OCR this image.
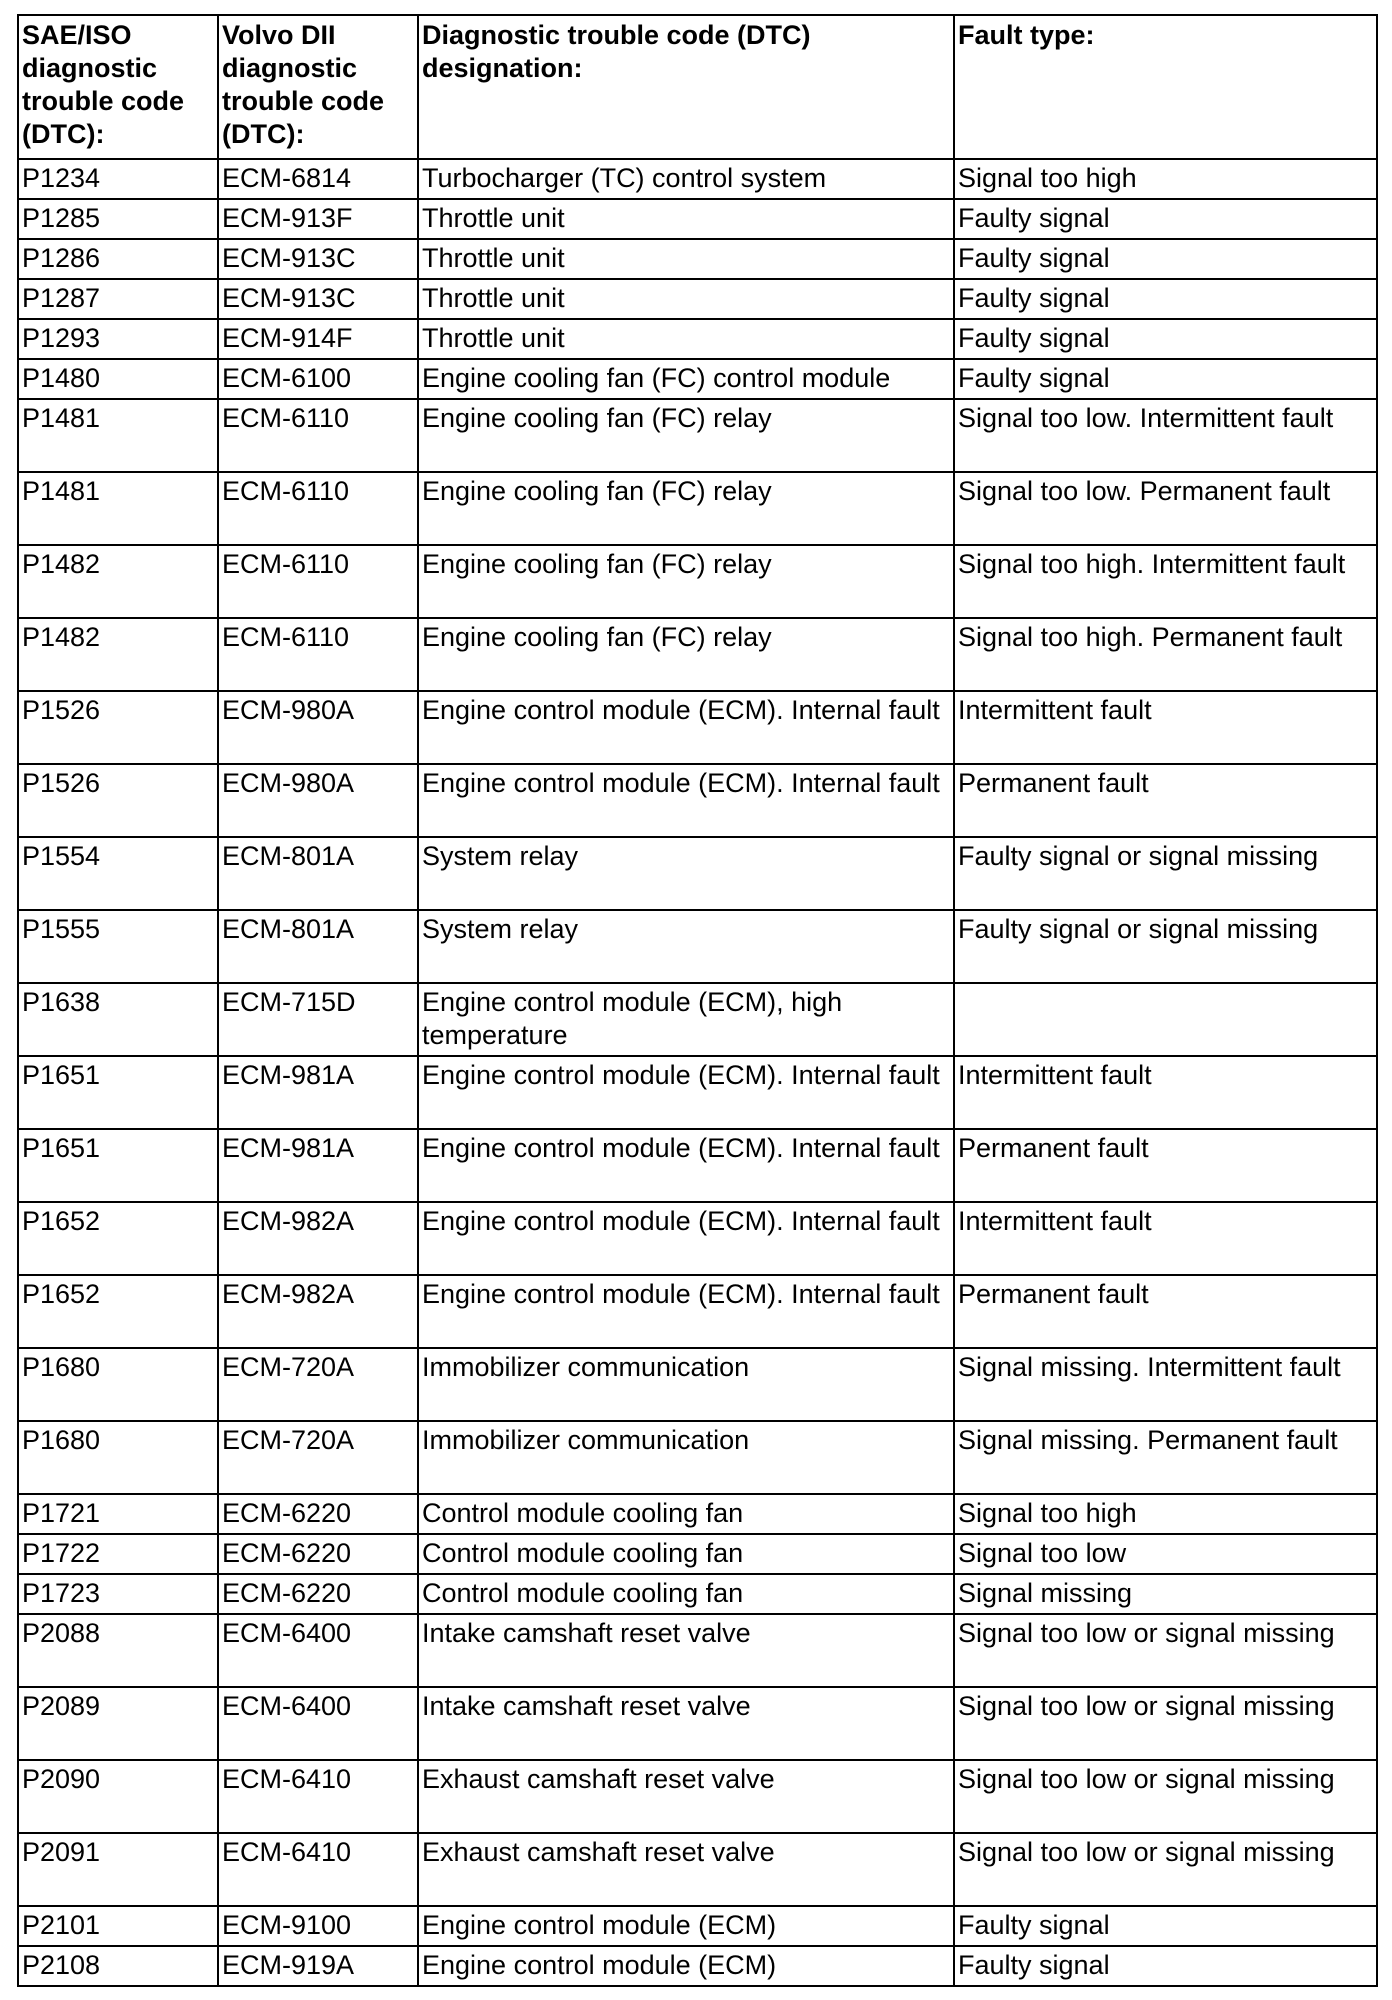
SAE/ISO diagnostic trouble code (DTC):	Volvo DII diagnostic trouble code (DTC):	Diagnostic trouble code (DTC) designation:	Fault type:
P1234	ECM-6814	Turbocharger (TC) control system	Signal too high
P1285	ECM-913F	Throttle unit	Faulty signal
P1286	ECM-913C	Throttle unit	Faulty signal
P1287	ECM-913C	Throttle unit	Faulty signal
P1293	ECM-914F	Throttle unit	Faulty signal
P1480	ECM-6100	Engine cooling fan (FC) control module	Faulty signal
P1481	ECM-6110	Engine cooling fan (FC) relay	Signal too low. Intermittent fault
P1481	ECM-6110	Engine cooling fan (FC) relay	Signal too low. Permanent fault
P1482	ECM-6110	Engine cooling fan (FC) relay	Signal too high. Intermittent fault
P1482	ECM-6110	Engine cooling fan (FC) relay	Signal too high. Permanent fault
P1526	ECM-980A	Engine control module (ECM). Internal fault	Intermittent fault
P1526	ECM-980A	Engine control module (ECM). Internal fault	Permanent fault
P1554	ECM-801A	System relay	Faulty signal or signal missing
P1555	ECM-801A	System relay	Faulty signal or signal missing
P1638	ECM-715D	Engine control module (ECM), high temperature	
P1651	ECM-981A	Engine control module (ECM). Internal fault	Intermittent fault
P1651	ECM-981A	Engine control module (ECM). Internal fault	Permanent fault
P1652	ECM-982A	Engine control module (ECM). Internal fault	Intermittent fault
P1652	ECM-982A	Engine control module (ECM). Internal fault	Permanent fault
P1680	ECM-720A	Immobilizer communication	Signal missing. Intermittent fault
P1680	ECM-720A	Immobilizer communication	Signal missing. Permanent fault
P1721	ECM-6220	Control module cooling fan	Signal too high
P1722	ECM-6220	Control module cooling fan	Signal too low
P1723	ECM-6220	Control module cooling fan	Signal missing
P2088	ECM-6400	Intake camshaft reset valve	Signal too low or signal missing
P2089	ECM-6400	Intake camshaft reset valve	Signal too low or signal missing
P2090	ECM-6410	Exhaust camshaft reset valve	Signal too low or signal missing
P2091	ECM-6410	Exhaust camshaft reset valve	Signal too low or signal missing
P2101	ECM-9100	Engine control module (ECM)	Faulty signal
P2108	ECM-919A	Engine control module (ECM)	Faulty signal
